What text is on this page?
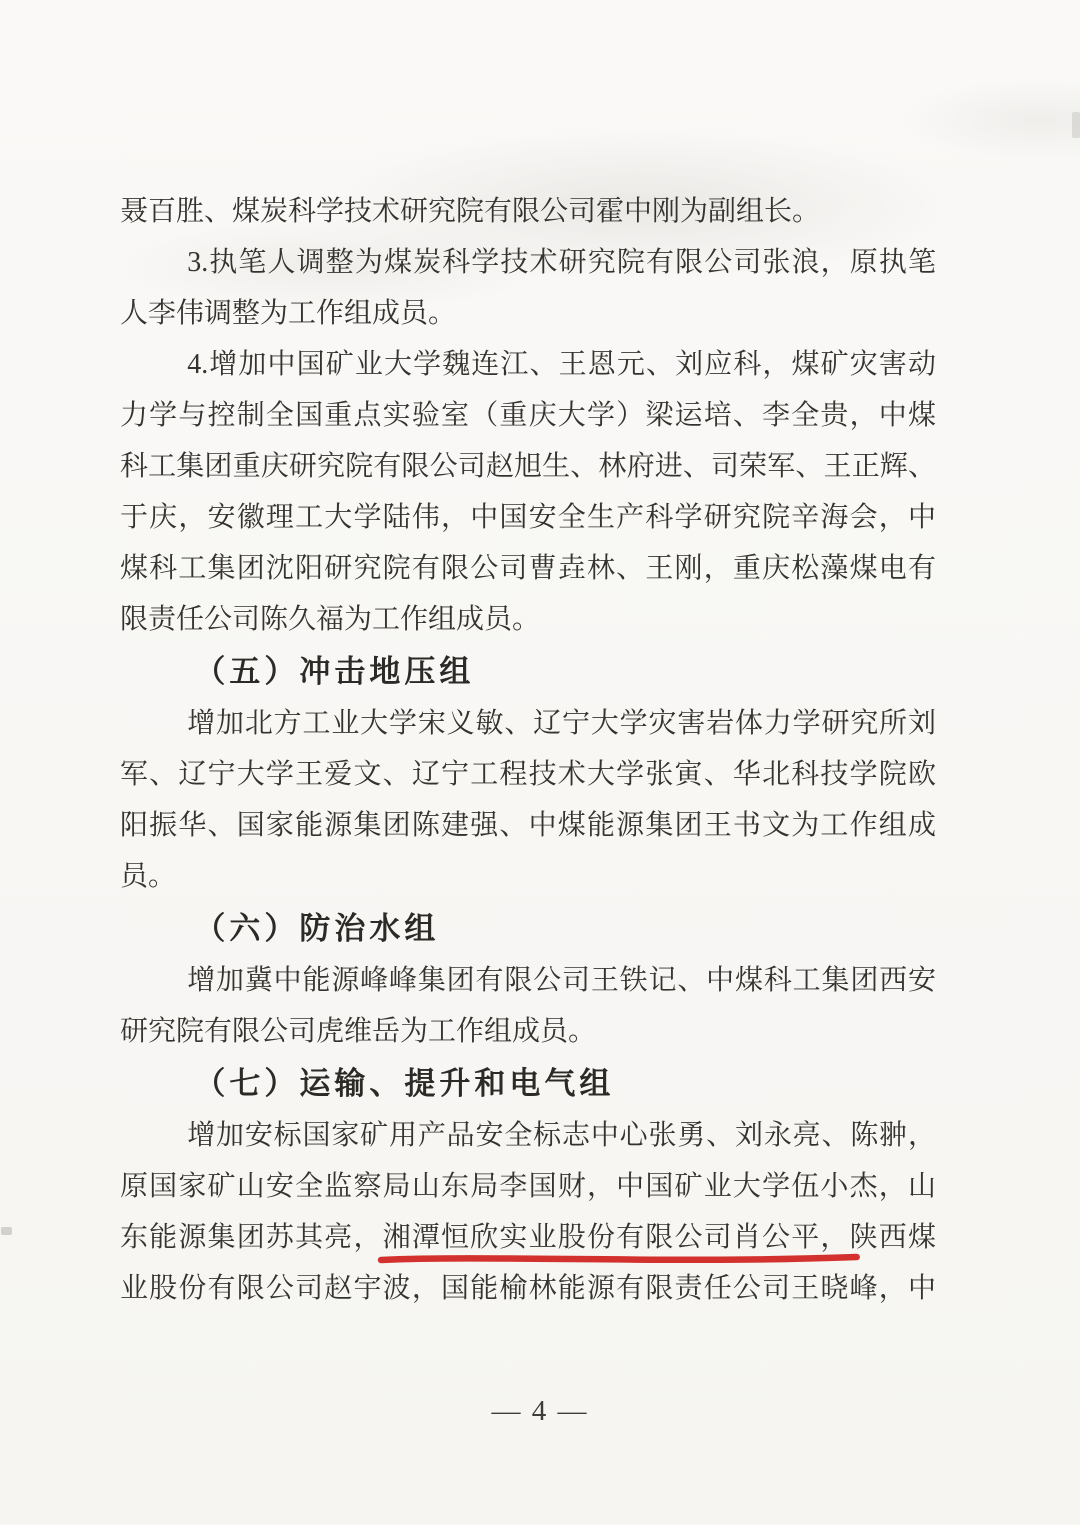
聂百胜、煤炭科学技术研究院有限公司霍中刚为副组长。
3.执笔人调整为煤炭科学技术研究院有限公司张浪，原执笔
人李伟调整为工作组成员。
4.增加中国矿业大学魏连江、王恩元、刘应科，煤矿灾害动
力学与控制全国重点实验室（重庆大学）梁运培、李全贵，中煤
科工集团重庆研究院有限公司赵旭生、林府进、司荣军、王正辉、
于庆，安徽理工大学陆伟，中国安全生产科学研究院辛海会，中
煤科工集团沈阳研究院有限公司曹垚林、王刚，重庆松藻煤电有
限责任公司陈久福为工作组成员。
（五）冲击地压组
增加北方工业大学宋义敏、辽宁大学灾害岩体力学研究所刘
军、辽宁大学王爱文、辽宁工程技术大学张寅、华北科技学院欧
阳振华、国家能源集团陈建强、中煤能源集团王书文为工作组成
员。
（六）防治水组
增加冀中能源峰峰集团有限公司王铁记、中煤科工集团西安
研究院有限公司虎维岳为工作组成员。
（七）运输、提升和电气组
增加安标国家矿用产品安全标志中心张勇、刘永亮、陈翀，
原国家矿山安全监察局山东局李国财，中国矿业大学伍小杰，山
东能源集团苏其亮，湘潭恒欣实业股份有限公司肖公平
，陕西煤
业股份有限公司赵宇波，国能榆林能源有限责任公司王晓峰，中
— 4 —
